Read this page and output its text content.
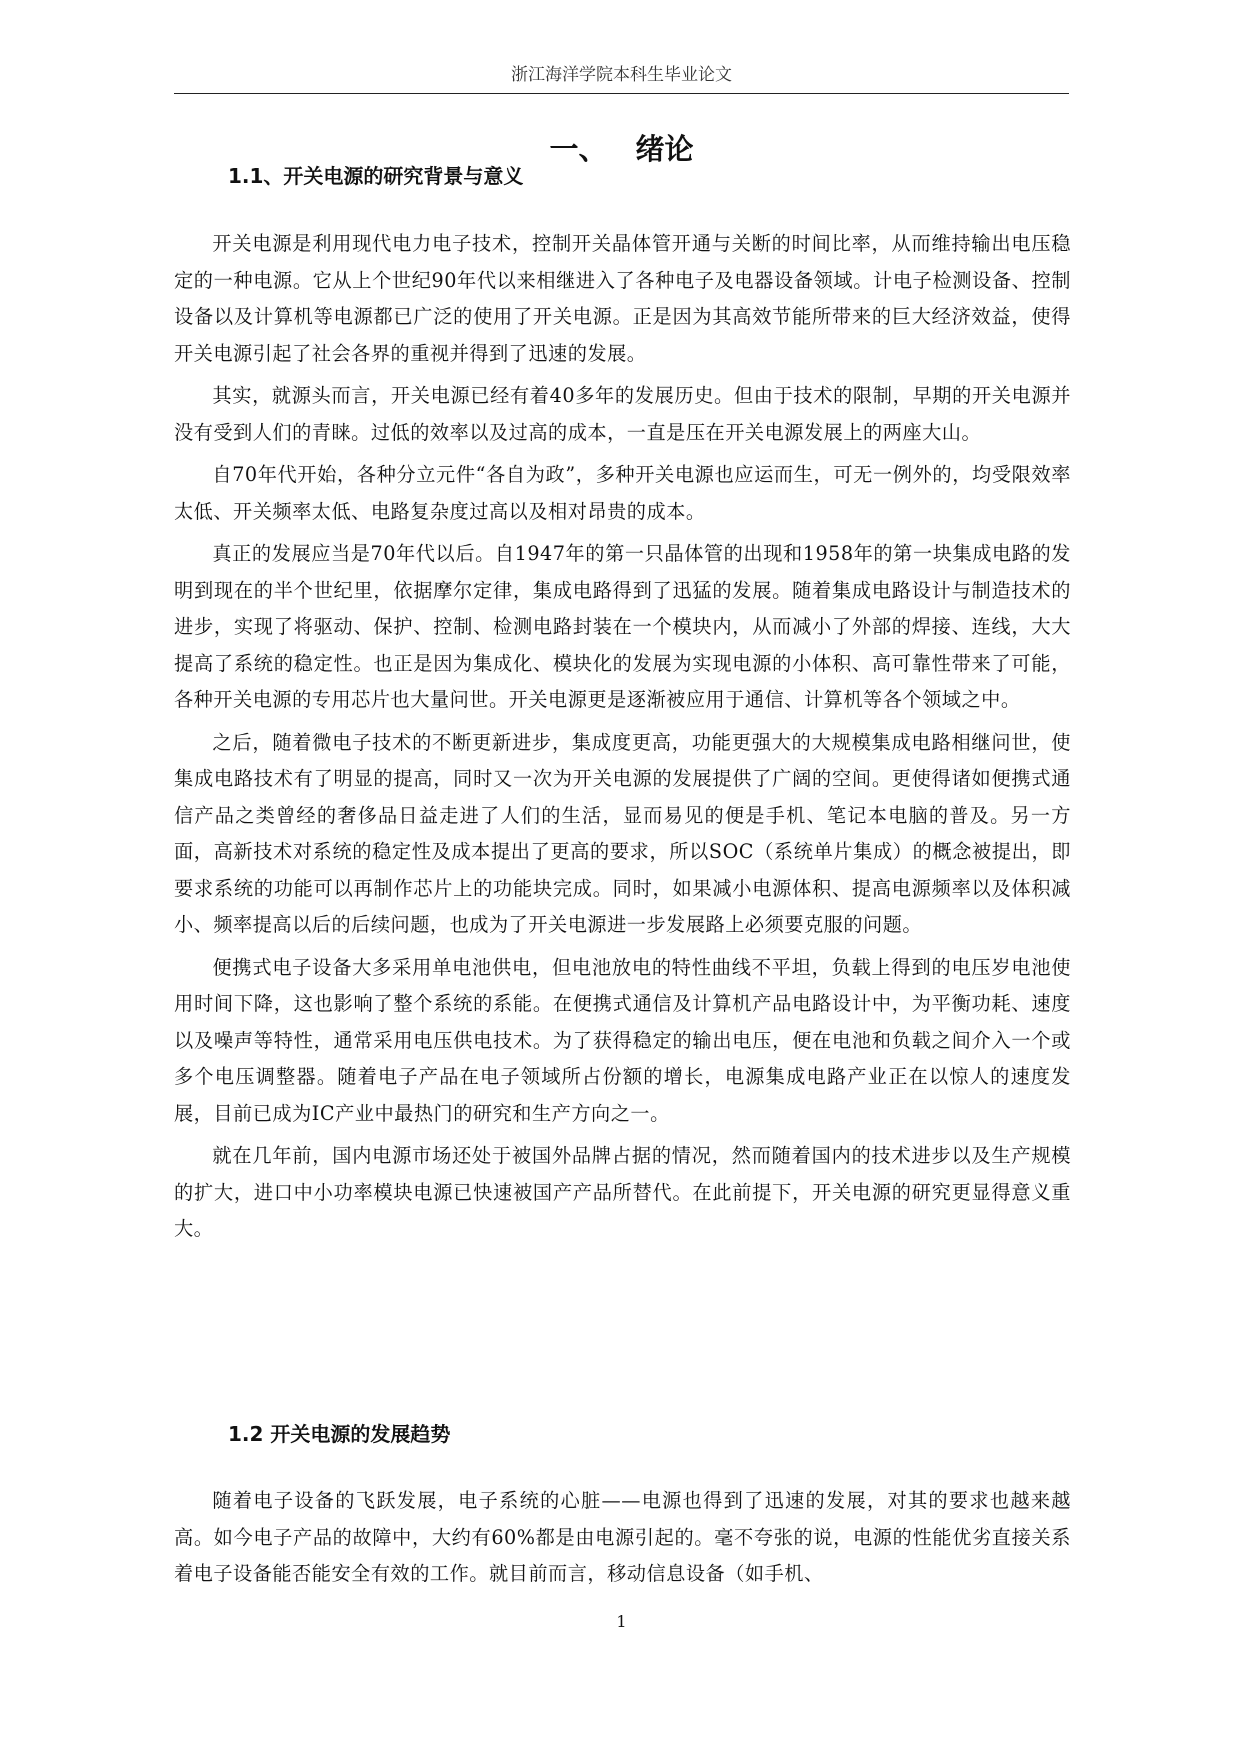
浙江海洋学院本科生毕业论文
一、 绪论
1.1、开关电源的研究背景与意义

开关电源是利用现代电力电子技术，控制开关晶体管开通与关断的时间比率，从而维持输出电压稳定的一种电源。它从上个世纪90年代以来相继进入了各种电子及电器设备领域。计电子检测设备、控制设备以及计算机等电源都已广泛的使用了开关电源。正是因为其高效节能所带来的巨大经济效益，使得开关电源引起了社会各界的重视并得到了迅速的发展。

其实，就源头而言，开关电源已经有着40多年的发展历史。但由于技术的限制，早期的开关电源并没有受到人们的青睐。过低的效率以及过高的成本，一直是压在开关电源发展上的两座大山。

自70年代开始，各种分立元件“各自为政”，多种开关电源也应运而生，可无一例外的，均受限效率太低、开关频率太低、电路复杂度过高以及相对昂贵的成本。

真正的发展应当是70年代以后。自1947年的第一只晶体管的出现和1958年的第一块集成电路的发明到现在的半个世纪里，依据摩尔定律，集成电路得到了迅猛的发展。随着集成电路设计与制造技术的进步，实现了将驱动、保护、控制、检测电路封装在一个模块内，从而减小了外部的焊接、连线，大大提高了系统的稳定性。也正是因为集成化、模块化的发展为实现电源的小体积、高可靠性带来了可能，各种开关电源的专用芯片也大量问世。开关电源更是逐渐被应用于通信、计算机等各个领域之中。

之后，随着微电子技术的不断更新进步，集成度更高，功能更强大的大规模集成电路相继问世，使集成电路技术有了明显的提高，同时又一次为开关电源的发展提供了广阔的空间。更使得诸如便携式通信产品之类曾经的奢侈品日益走进了人们的生活，显而易见的便是手机、笔记本电脑的普及。另一方面，高新技术对系统的稳定性及成本提出了更高的要求，所以SOC（系统单片集成）的概念被提出，即要求系统的功能可以再制作芯片上的功能块完成。同时，如果减小电源体积、提高电源频率以及体积减小、频率提高以后的后续问题，也成为了开关电源进一步发展路上必须要克服的问题。

便携式电子设备大多采用单电池供电，但电池放电的特性曲线不平坦，负载上得到的电压岁电池使用时间下降，这也影响了整个系统的系能。在便携式通信及计算机产品电路设计中，为平衡功耗、速度以及噪声等特性，通常采用电压供电技术。为了获得稳定的输出电压，便在电池和负载之间介入一个或多个电压调整器。随着电子产品在电子领域所占份额的增长，电源集成电路产业正在以惊人的速度发展，目前已成为IC产业中最热门的研究和生产方向之一。

就在几年前，国内电源市场还处于被国外品牌占据的情况，然而随着国内的技术进步以及生产规模的扩大，进口中小功率模块电源已快速被国产产品所替代。在此前提下，开关电源的研究更显得意义重大。

1.2 开关电源的发展趋势

随着电子设备的飞跃发展，电子系统的心脏——电源也得到了迅速的发展，对其的要求也越来越高。如今电子产品的故障中，大约有60%都是由电源引起的。毫不夸张的说，电源的性能优劣直接关系着电子设备能否能安全有效的工作。就目前而言，移动信息设备（如手机、

1
